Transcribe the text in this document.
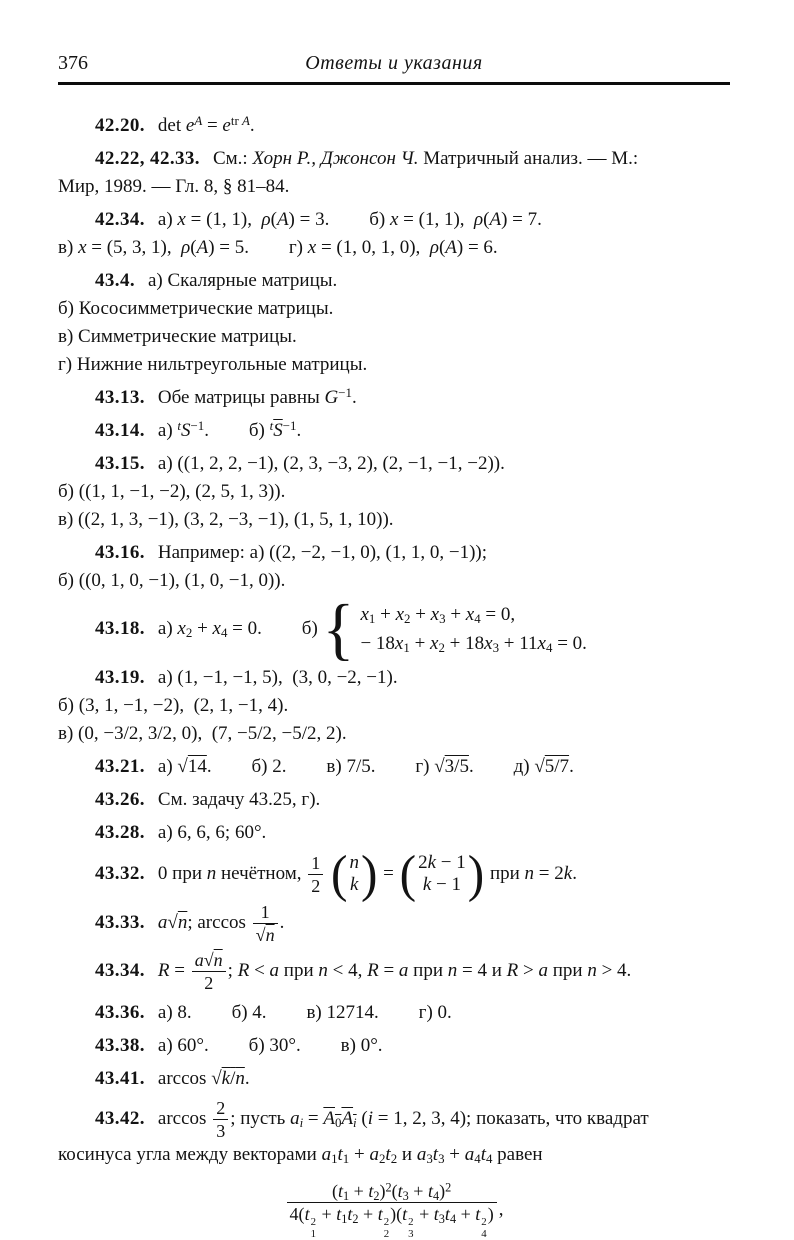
376	Ответы и указания
42.20. $\det e^A = e^{tr A}$.
42.22, 42.33. См.: Хорн Р., Джонсон Ч. Матричный анализ. — М.:
Мир, 1989. — Гл. 8, § 81–84.
42.34. а) x = (1, 1),  ρ(A) = 3. б) x = (1, 1),  ρ(A) = 7.
в) x = (5, 3, 1),  ρ(A) = 5. г) x = (1, 0, 1, 0),  ρ(A) = 6.
43.4. а) Скалярные матрицы.
б) Кососимметрические матрицы.
в) Симметрические матрицы.
г) Нижние нильтреугольные матрицы.
43.13. Обе матрицы равны $G^{-1}$.
43.14. а) $^tS^{-1}$. б) $^t\overline{S}^{-1}$.
43.15. а) ((1, 2, 2, −1), (2, 3, −3, 2), (2, −1, −1, −2)).
б) ((1, 1, −1, −2), (2, 5, 1, 3)).
в) ((2, 1, 3, −1), (3, 2, −3, −1), (1, 5, 1, 10)).
43.16. Например: а) ((2, −2, −1, 0), (1, 1, 0, −1));
б) ((0, 1, 0, −1), (1, 0, −1, 0)).
43.18. а) $x_2 + x_4 = 0$. б) { $x_1 + x_2 + x_3 + x_4 = 0$,
− $18x_1 + x_2 + 18x_3 + 11x_4 = 0$.
43.19. а) (1, −1, −1, 5),  (3, 0, −2, −1).
б) (3, 1, −1, −2),  (2, 1, −1, 4).
в) (0, −3/2, 3/2, 0),  (7, −5/2, −5/2, 2).
43.21. а) √14. б) 2. в) 7/5. г) √3/5. д) √5/7.
43.26. См. задачу 43.25, г).
43.28. а) 6, 6, 6; 60°.
43.32. 0 при n нечётном, $\frac{1}{2}$
( n
k ) = ( 2k − 1
k − 1 ) при n = 2k.
43.33. a√n; $\arccos \frac{1}{√n}$ .
43.34. $R = \frac{a√n}{2}$ ; R < a при n < 4, R = a при n = 4 и R > a при n > 4.
43.36. а) 8. б) 4. в) 12714. г) 0.
43.38. а) 60°. б) 30°. в) 0°.
43.41. arccos √k/n.
43.42. $\arccos \frac{2}{3}$ ; пусть $a_i = A_0A_i$ (i = 1, 2, 3, 4); показать, что квадрат
косинуса угла между векторами $a_1t_1 + a_2t_2$ и $a_3t_3 + a_4t_4$ равен
$(t_1 + t_2)^2(t_3 + t_4)^2$
4(t 2
1
+ $t_1t_2 + t$ 2
2
)(t 2
3
+ $t_3t_4 + t$ 2
4
) ,
